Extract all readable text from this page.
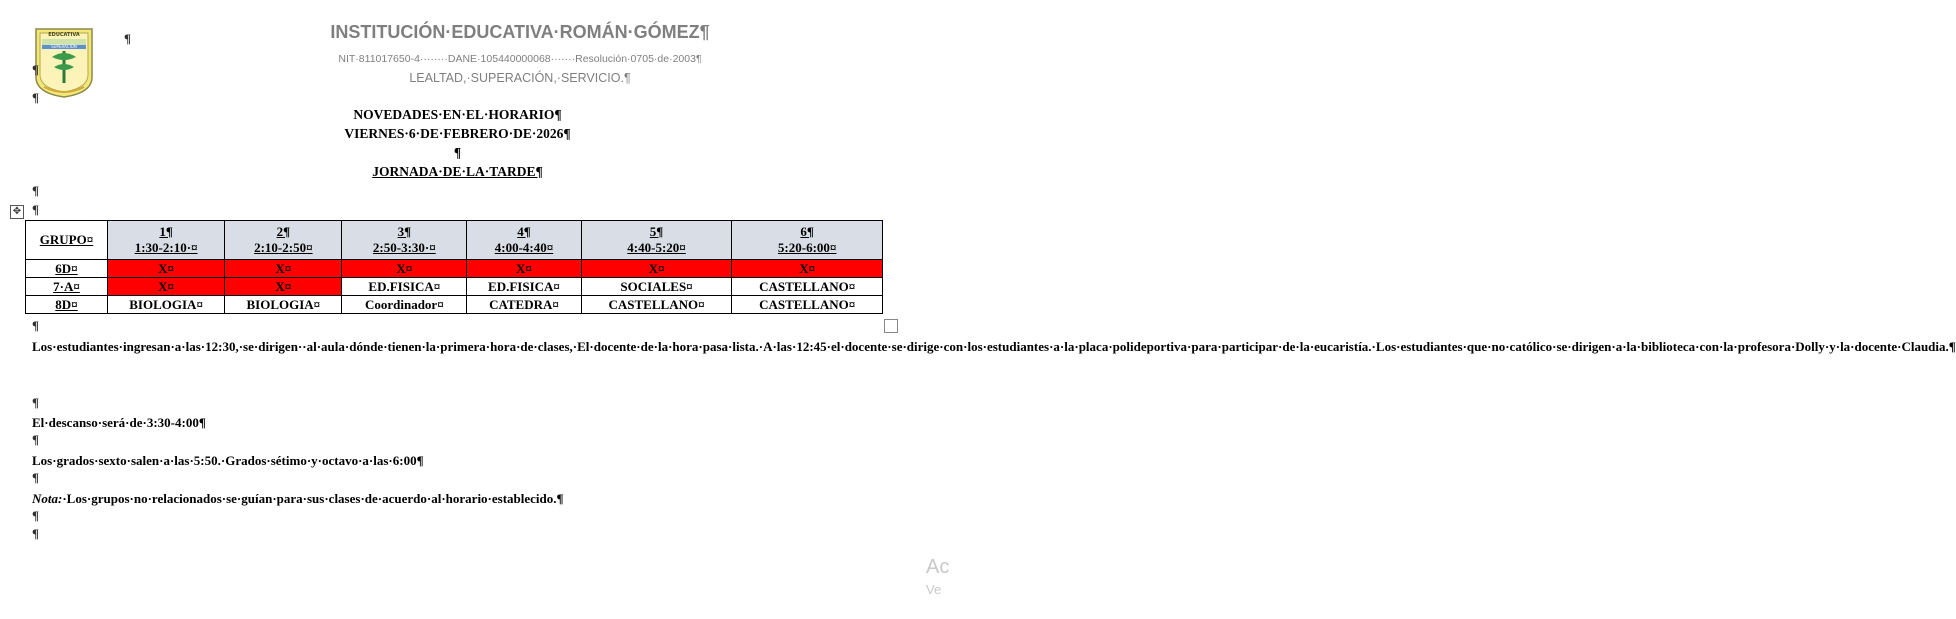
EDUCATIVA
SUPERACIÓN
INSTITUCIÓN·EDUCATIVA·ROMÁN·GÓMEZ¶
NIT·811017650-4········DANE·105440000068·······Resolución·0705·de·2003¶
LEALTAD,·SUPERACIÓN,·SERVICIO.¶
¶
¶
¶
NOVEDADES·EN·EL·HORARIO¶
VIERNES·6·DE·FEBRERO·DE·2026¶
¶
JORNADA·DE·LA·TARDE¶
¶
¶
✥
GRUPO¤	1¶
1:30-2:10·¤	2¶
2:10-2:50¤	3¶
2:50-3:30·¤	4¶
4:00-4:40¤	5¶
4:40-5:20¤	6¶
5:20-6:00¤
6D¤	X¤	X¤	X¤	X¤	X¤	X¤
7·A¤	X¤	X¤	ED.FISICA¤	ED.FISICA¤	SOCIALES¤	CASTELLANO¤
8D¤	BIOLOGIA¤	BIOLOGIA¤	Coordinador¤	CATEDRA¤	CASTELLANO¤	CASTELLANO¤
¶
Los·estudiantes·ingresan·a·las·12:30,·se·dirigen··al·aula·dónde·tienen·la·primera·hora·de·clases,·El·docente·de·la·hora·pasa·lista.·A·las·12:45·el·docente·se·dirige·con·los·estudiantes·a·la·placa·polideportiva·para·participar·de·la·eucaristía.·Los·estudiantes·que·no·católico·se·dirigen·a·la·biblioteca·con·la·profesora·Dolly·y·la·docente·Claudia.¶
¶
El·descanso·será·de·3:30-4:00¶
¶
Los·grados·sexto·salen·a·las·5:50.·Grados·sétimo·y·octavo·a·las·6:00¶
¶
Nota:·Los·grupos·no·relacionados·se·guían·para·sus·clases·de·acuerdo·al·horario·establecido.¶
¶
¶
Ac
Ve
